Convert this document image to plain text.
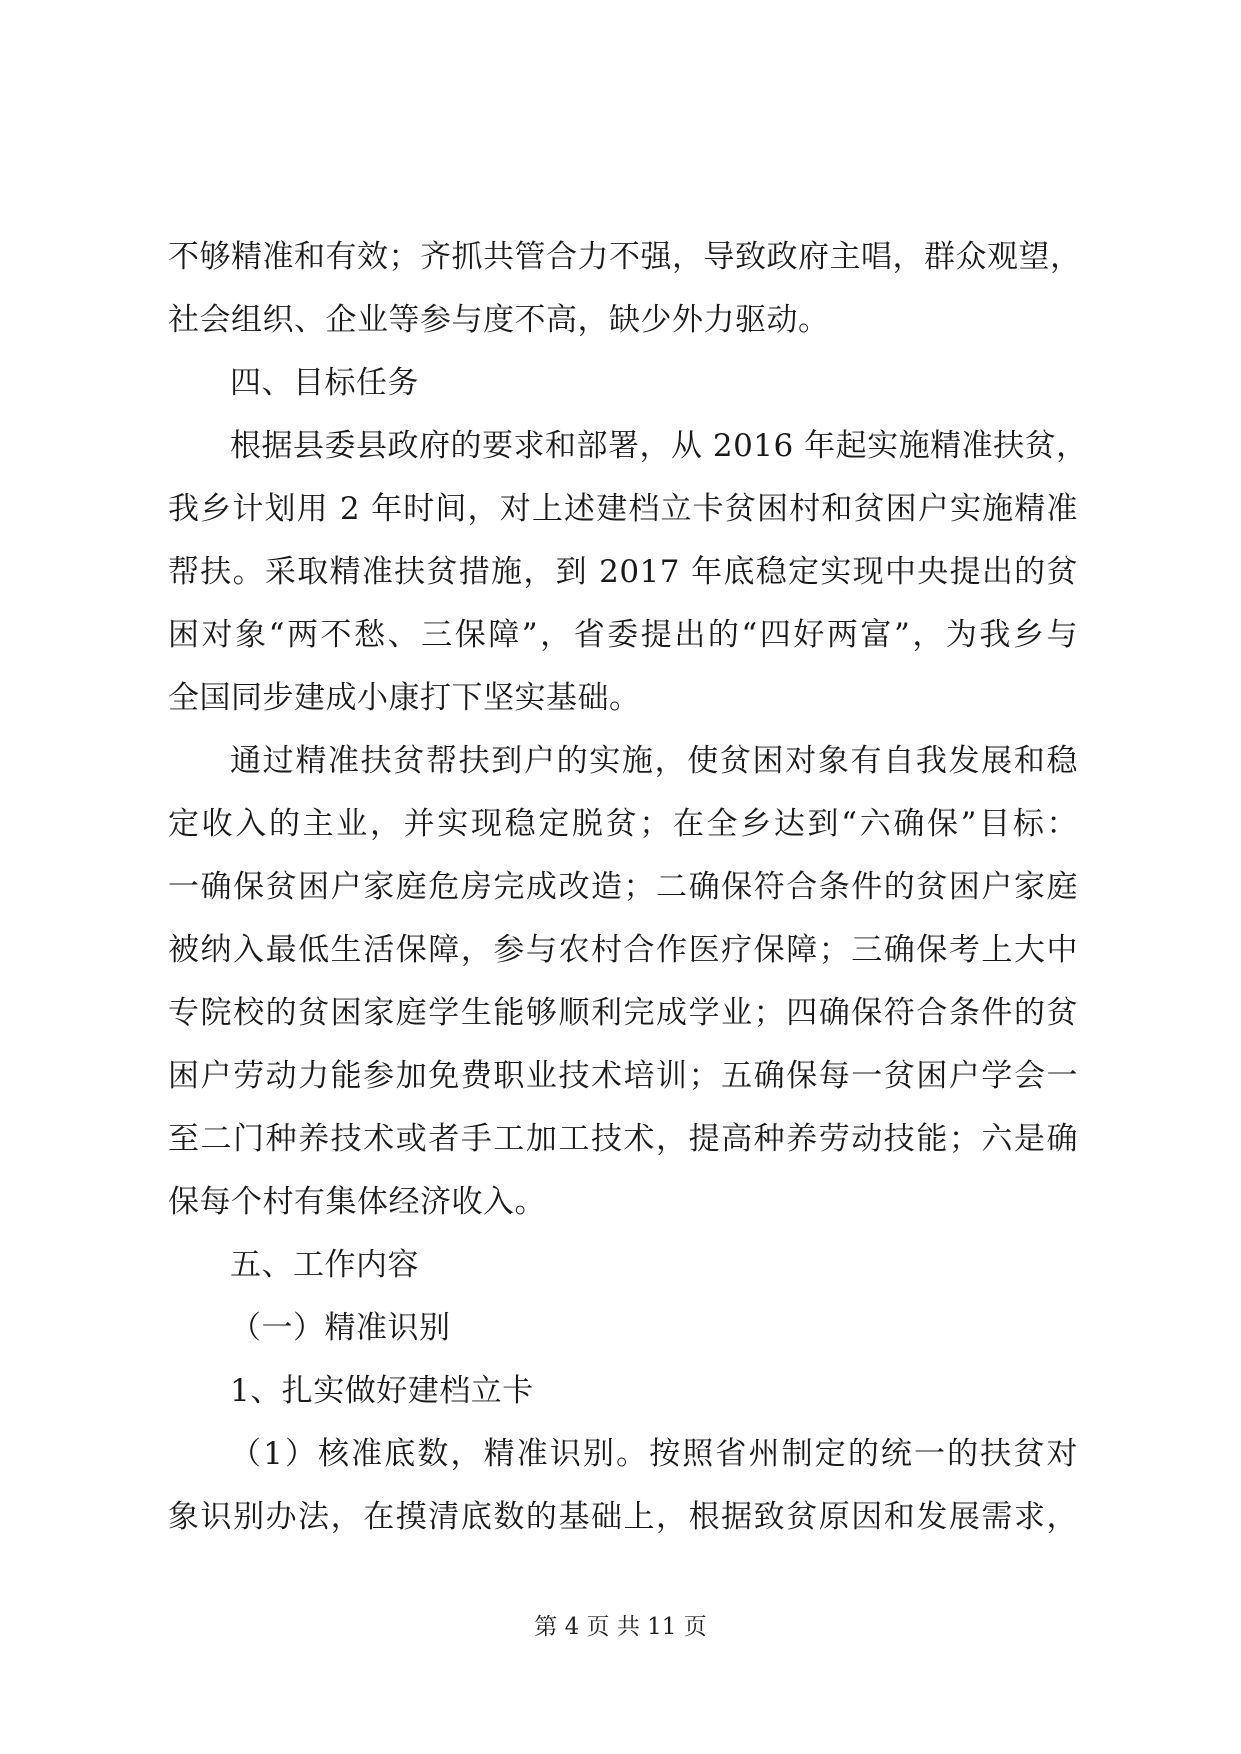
不够精准和有效；齐抓共管合力不强，导致政府主唱，群众观望，
社会组织、企业等参与度不高，缺少外力驱动。
四、目标任务
根据县委县政府的要求和部署，从 2016 年起实施精准扶贫，
我乡计划用 2 年时间，对上述建档立卡贫困村和贫困户实施精准
帮扶。采取精准扶贫措施，到 2017 年底稳定实现中央提出的贫
困对象“两不愁、三保障”，省委提出的“四好两富”，为我乡与
全国同步建成小康打下坚实基础。
通过精准扶贫帮扶到户的实施，使贫困对象有自我发展和稳
定收入的主业，并实现稳定脱贫；在全乡达到“六确保”目标：
一确保贫困户家庭危房完成改造；二确保符合条件的贫困户家庭
被纳入最低生活保障，参与农村合作医疗保障；三确保考上大中
专院校的贫困家庭学生能够顺利完成学业；四确保符合条件的贫
困户劳动力能参加免费职业技术培训；五确保每一贫困户学会一
至二门种养技术或者手工加工技术，提高种养劳动技能；六是确
保每个村有集体经济收入。
五、工作内容
（一）精准识别
1、扎实做好建档立卡
（1）核准底数，精准识别。按照省州制定的统一的扶贫对
象识别办法，在摸清底数的基础上，根据致贫原因和发展需求，
第 4 页 共 11 页
